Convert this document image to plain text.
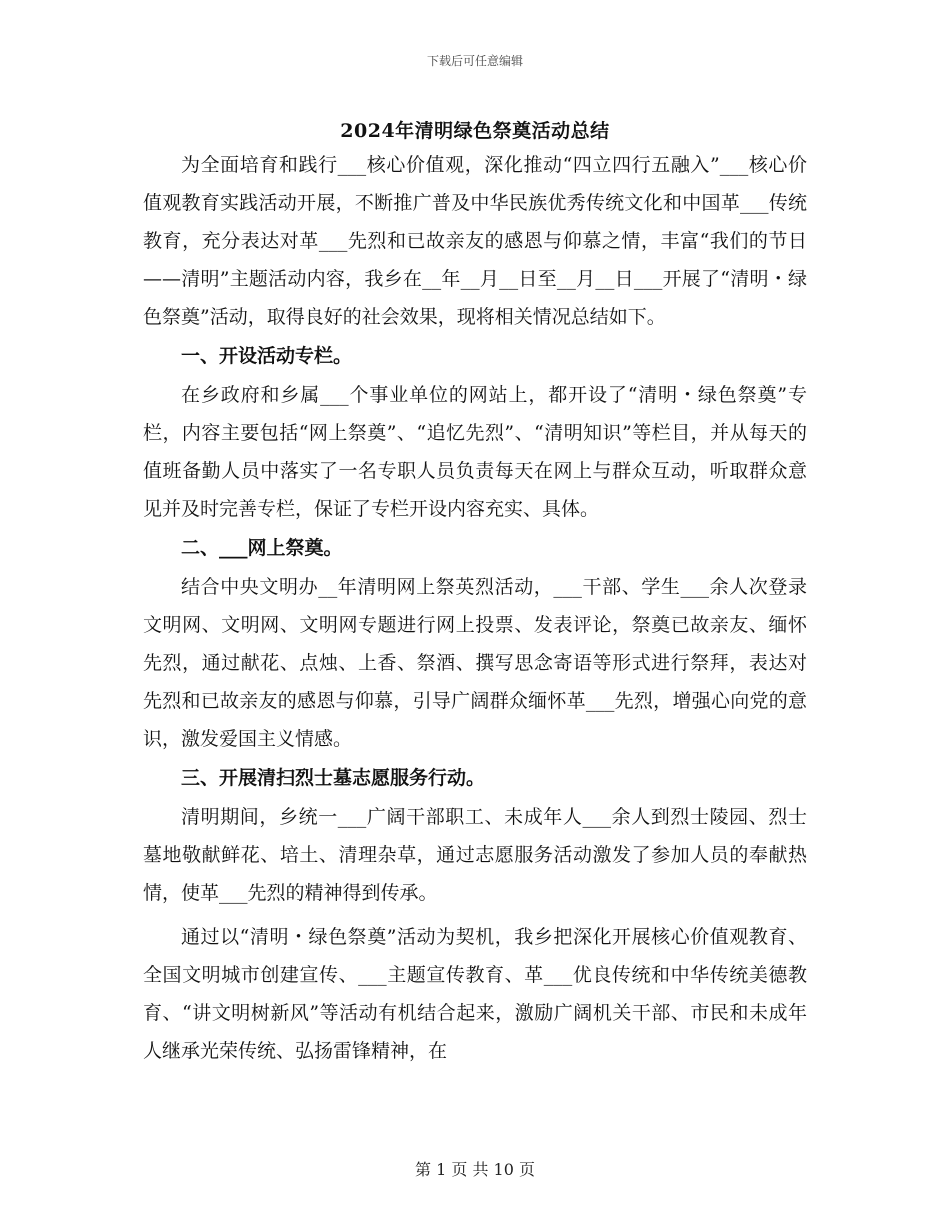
下载后可任意编辑
2024年清明绿色祭奠活动总结

为全面培育和践行___核心价值观，深化推动“四立四行五融入”___核心价值观教育实践活动开展，不断推广普及中华民族优秀传统文化和中国革___传统教育，充分表达对革___先烈和已故亲友的感恩与仰慕之情，丰富“我们的节日——清明”主题活动内容，我乡在__年__月__日至__月__日___开展了“清明・绿色祭奠”活动，取得良好的社会效果，现将相关情况总结如下。

一、开设活动专栏。

在乡政府和乡属___个事业单位的网站上，都开设了“清明・绿色祭奠”专栏，内容主要包括“网上祭奠”、“追忆先烈”、“清明知识”等栏目，并从每天的值班备勤人员中落实了一名专职人员负责每天在网上与群众互动，听取群众意见并及时完善专栏，保证了专栏开设内容充实、具体。

二、___网上祭奠。

结合中央文明办__年清明网上祭英烈活动，___干部、学生___余人次登录文明网、文明网、文明网专题进行网上投票、发表评论，祭奠已故亲友、缅怀先烈，通过献花、点烛、上香、祭酒、撰写思念寄语等形式进行祭拜，表达对先烈和已故亲友的感恩与仰慕，引导广阔群众缅怀革___先烈，增强心向党的意识，激发爱国主义情感。

三、开展清扫烈士墓志愿服务行动。

清明期间，乡统一___广阔干部职工、未成年人___余人到烈士陵园、烈士墓地敬献鲜花、培土、清理杂草，通过志愿服务活动激发了参加人员的奉献热情，使革___先烈的精神得到传承。

通过以“清明・绿色祭奠”活动为契机，我乡把深化开展核心价值观教育、全国文明城市创建宣传、___主题宣传教育、革___优良传统和中华传统美德教育、“讲文明树新风”等活动有机结合起来，激励广阔机关干部、市民和未成年人继承光荣传统、弘扬雷锋精神，在

第 1 页 共 10 页
